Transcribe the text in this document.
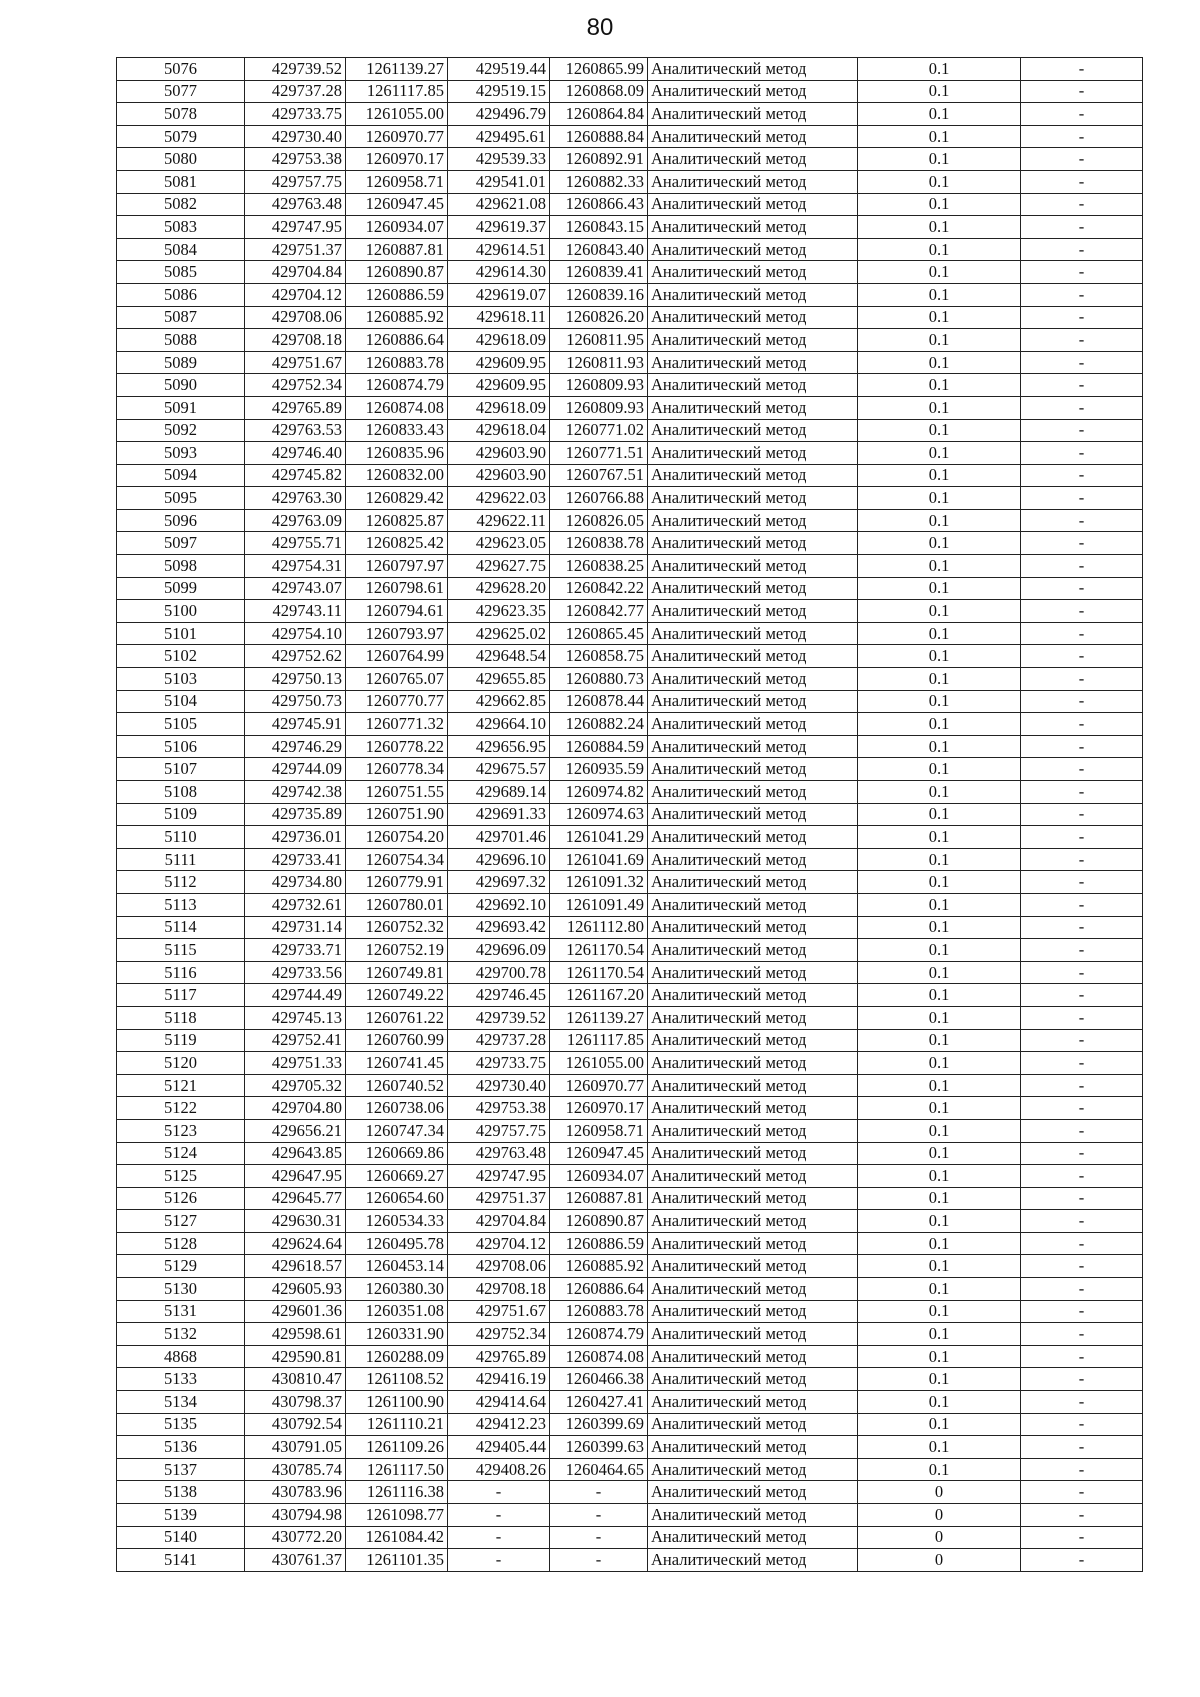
80
5076	429739.52	1261139.27	429519.44	1260865.99	Аналитический метод	0.1	-
5077	429737.28	1261117.85	429519.15	1260868.09	Аналитический метод	0.1	-
5078	429733.75	1261055.00	429496.79	1260864.84	Аналитический метод	0.1	-
5079	429730.40	1260970.77	429495.61	1260888.84	Аналитический метод	0.1	-
5080	429753.38	1260970.17	429539.33	1260892.91	Аналитический метод	0.1	-
5081	429757.75	1260958.71	429541.01	1260882.33	Аналитический метод	0.1	-
5082	429763.48	1260947.45	429621.08	1260866.43	Аналитический метод	0.1	-
5083	429747.95	1260934.07	429619.37	1260843.15	Аналитический метод	0.1	-
5084	429751.37	1260887.81	429614.51	1260843.40	Аналитический метод	0.1	-
5085	429704.84	1260890.87	429614.30	1260839.41	Аналитический метод	0.1	-
5086	429704.12	1260886.59	429619.07	1260839.16	Аналитический метод	0.1	-
5087	429708.06	1260885.92	429618.11	1260826.20	Аналитический метод	0.1	-
5088	429708.18	1260886.64	429618.09	1260811.95	Аналитический метод	0.1	-
5089	429751.67	1260883.78	429609.95	1260811.93	Аналитический метод	0.1	-
5090	429752.34	1260874.79	429609.95	1260809.93	Аналитический метод	0.1	-
5091	429765.89	1260874.08	429618.09	1260809.93	Аналитический метод	0.1	-
5092	429763.53	1260833.43	429618.04	1260771.02	Аналитический метод	0.1	-
5093	429746.40	1260835.96	429603.90	1260771.51	Аналитический метод	0.1	-
5094	429745.82	1260832.00	429603.90	1260767.51	Аналитический метод	0.1	-
5095	429763.30	1260829.42	429622.03	1260766.88	Аналитический метод	0.1	-
5096	429763.09	1260825.87	429622.11	1260826.05	Аналитический метод	0.1	-
5097	429755.71	1260825.42	429623.05	1260838.78	Аналитический метод	0.1	-
5098	429754.31	1260797.97	429627.75	1260838.25	Аналитический метод	0.1	-
5099	429743.07	1260798.61	429628.20	1260842.22	Аналитический метод	0.1	-
5100	429743.11	1260794.61	429623.35	1260842.77	Аналитический метод	0.1	-
5101	429754.10	1260793.97	429625.02	1260865.45	Аналитический метод	0.1	-
5102	429752.62	1260764.99	429648.54	1260858.75	Аналитический метод	0.1	-
5103	429750.13	1260765.07	429655.85	1260880.73	Аналитический метод	0.1	-
5104	429750.73	1260770.77	429662.85	1260878.44	Аналитический метод	0.1	-
5105	429745.91	1260771.32	429664.10	1260882.24	Аналитический метод	0.1	-
5106	429746.29	1260778.22	429656.95	1260884.59	Аналитический метод	0.1	-
5107	429744.09	1260778.34	429675.57	1260935.59	Аналитический метод	0.1	-
5108	429742.38	1260751.55	429689.14	1260974.82	Аналитический метод	0.1	-
5109	429735.89	1260751.90	429691.33	1260974.63	Аналитический метод	0.1	-
5110	429736.01	1260754.20	429701.46	1261041.29	Аналитический метод	0.1	-
5111	429733.41	1260754.34	429696.10	1261041.69	Аналитический метод	0.1	-
5112	429734.80	1260779.91	429697.32	1261091.32	Аналитический метод	0.1	-
5113	429732.61	1260780.01	429692.10	1261091.49	Аналитический метод	0.1	-
5114	429731.14	1260752.32	429693.42	1261112.80	Аналитический метод	0.1	-
5115	429733.71	1260752.19	429696.09	1261170.54	Аналитический метод	0.1	-
5116	429733.56	1260749.81	429700.78	1261170.54	Аналитический метод	0.1	-
5117	429744.49	1260749.22	429746.45	1261167.20	Аналитический метод	0.1	-
5118	429745.13	1260761.22	429739.52	1261139.27	Аналитический метод	0.1	-
5119	429752.41	1260760.99	429737.28	1261117.85	Аналитический метод	0.1	-
5120	429751.33	1260741.45	429733.75	1261055.00	Аналитический метод	0.1	-
5121	429705.32	1260740.52	429730.40	1260970.77	Аналитический метод	0.1	-
5122	429704.80	1260738.06	429753.38	1260970.17	Аналитический метод	0.1	-
5123	429656.21	1260747.34	429757.75	1260958.71	Аналитический метод	0.1	-
5124	429643.85	1260669.86	429763.48	1260947.45	Аналитический метод	0.1	-
5125	429647.95	1260669.27	429747.95	1260934.07	Аналитический метод	0.1	-
5126	429645.77	1260654.60	429751.37	1260887.81	Аналитический метод	0.1	-
5127	429630.31	1260534.33	429704.84	1260890.87	Аналитический метод	0.1	-
5128	429624.64	1260495.78	429704.12	1260886.59	Аналитический метод	0.1	-
5129	429618.57	1260453.14	429708.06	1260885.92	Аналитический метод	0.1	-
5130	429605.93	1260380.30	429708.18	1260886.64	Аналитический метод	0.1	-
5131	429601.36	1260351.08	429751.67	1260883.78	Аналитический метод	0.1	-
5132	429598.61	1260331.90	429752.34	1260874.79	Аналитический метод	0.1	-
4868	429590.81	1260288.09	429765.89	1260874.08	Аналитический метод	0.1	-
5133	430810.47	1261108.52	429416.19	1260466.38	Аналитический метод	0.1	-
5134	430798.37	1261100.90	429414.64	1260427.41	Аналитический метод	0.1	-
5135	430792.54	1261110.21	429412.23	1260399.69	Аналитический метод	0.1	-
5136	430791.05	1261109.26	429405.44	1260399.63	Аналитический метод	0.1	-
5137	430785.74	1261117.50	429408.26	1260464.65	Аналитический метод	0.1	-
5138	430783.96	1261116.38	-	-	Аналитический метод	0	-
5139	430794.98	1261098.77	-	-	Аналитический метод	0	-
5140	430772.20	1261084.42	-	-	Аналитический метод	0	-
5141	430761.37	1261101.35	-	-	Аналитический метод	0	-
